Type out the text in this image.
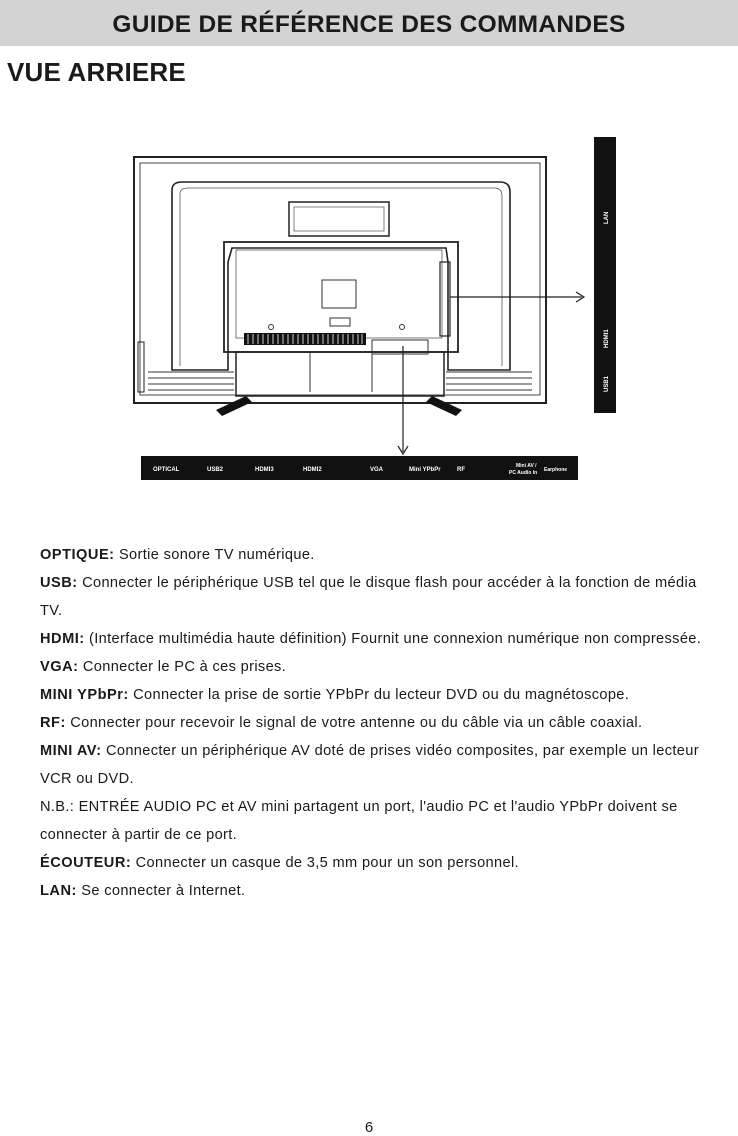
GUIDE DE RÉFÉRENCE DES COMMANDES
VUE ARRIERE
LAN
HDMI1
USB1
OPTICAL	USB2	HDMI3	HDMI2	VGA	Mini YPbPr	RF
Mini AV /
PC Audio In Earphone

OPTIQUE: Sortie sonore TV numérique.

USB: Connecter le périphérique USB tel que le disque flash pour accéder à la fonction de média TV.

HDMI: (Interface multimédia haute définition) Fournit une connexion numérique non compressée.

VGA: Connecter le PC à ces prises.

MINI YPbPr: Connecter la prise de sortie YPbPr du lecteur DVD ou du magnétoscope.

RF: Connecter pour recevoir le signal de votre antenne ou du câble via un câble coaxial.

MINI AV: Connecter un périphérique AV doté de prises vidéo composites, par exemple un lecteur VCR ou DVD.

N.B.: ENTRÉE AUDIO PC et AV mini partagent un port, l'audio PC et l'audio YPbPr doivent se connecter à partir de ce port.

ÉCOUTEUR: Connecter un casque de 3,5 mm pour un son personnel.

LAN: Se connecter à Internet.

6
